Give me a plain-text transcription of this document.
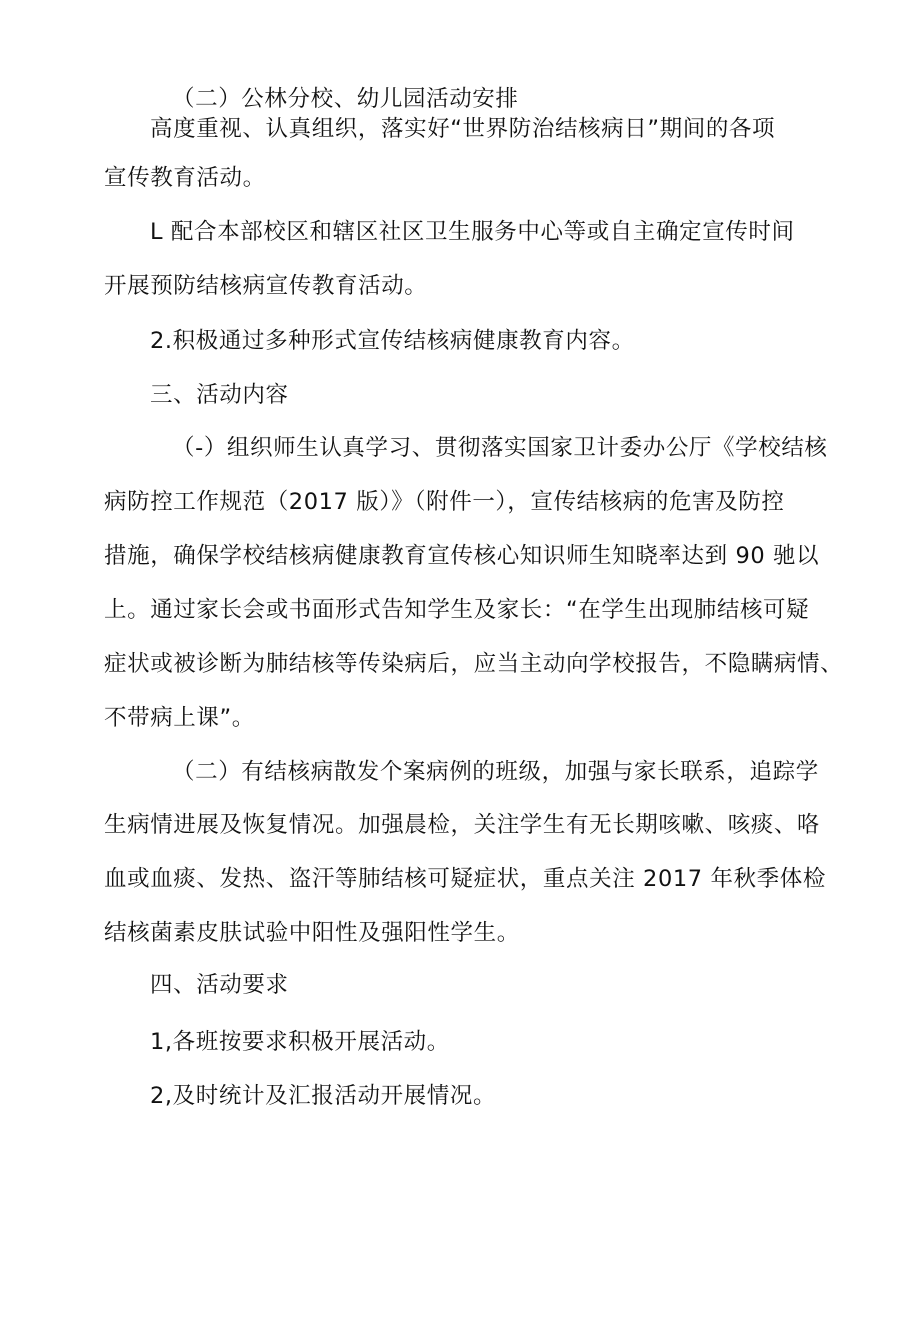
（二）公林分校、幼儿园活动安排
高度重视、认真组织，落实好“世界防治结核病日”期间的各项
宣传教育活动。
L 配合本部校区和辖区社区卫生服务中心等或自主确定宣传时间
开展预防结核病宣传教育活动。
2.积极通过多种形式宣传结核病健康教育内容。
三、活动内容
（-）组织师生认真学习、贯彻落实国家卫计委办公厅《学校结核
病防控工作规范（2017 版）》（附件一），宣传结核病的危害及防控
措施，确保学校结核病健康教育宣传核心知识师生知晓率达到 90 驰以
上。通过家长会或书面形式告知学生及家长：“在学生出现肺结核可疑
症状或被诊断为肺结核等传染病后，应当主动向学校报告，不隐瞒病情、
不带病上课”。
（二）有结核病散发个案病例的班级，加强与家长联系，追踪学
生病情进展及恢复情况。加强晨检，关注学生有无长期咳嗽、咳痰、咯
血或血痰、发热、盗汗等肺结核可疑症状，重点关注 2017 年秋季体检
结核菌素皮肤试验中阳性及强阳性学生。
四、活动要求
1,各班按要求积极开展活动。
2,及时统计及汇报活动开展情况。
